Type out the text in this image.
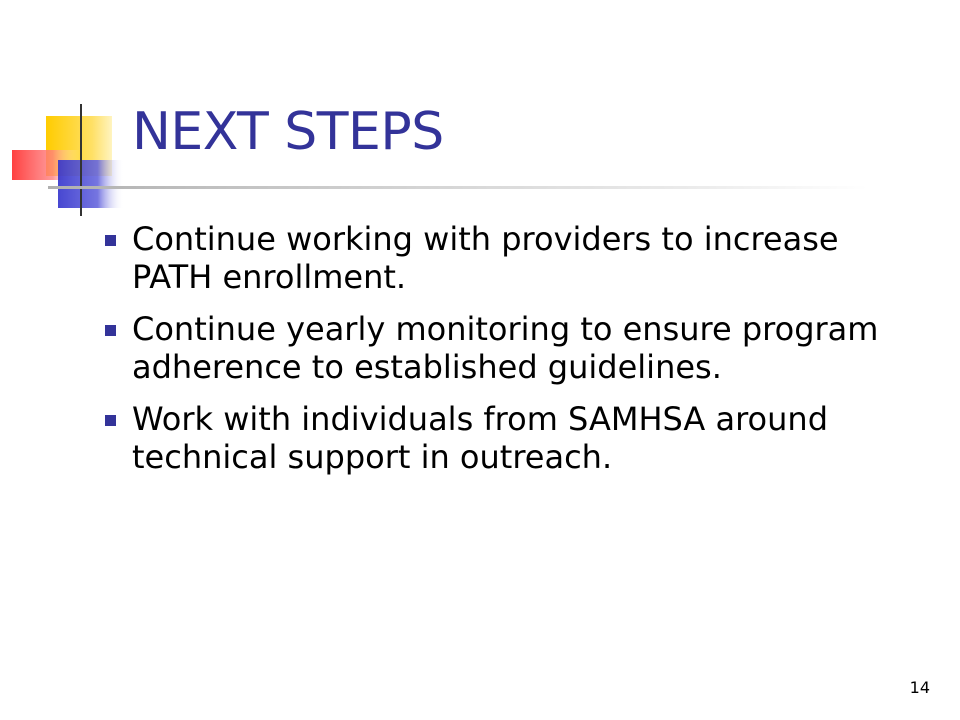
NEXT STEPS
Continue working with providers to increase PATH enrollment.
Continue yearly monitoring to ensure program adherence to established guidelines.
Work with individuals from SAMHSA around technical support in outreach.
14
